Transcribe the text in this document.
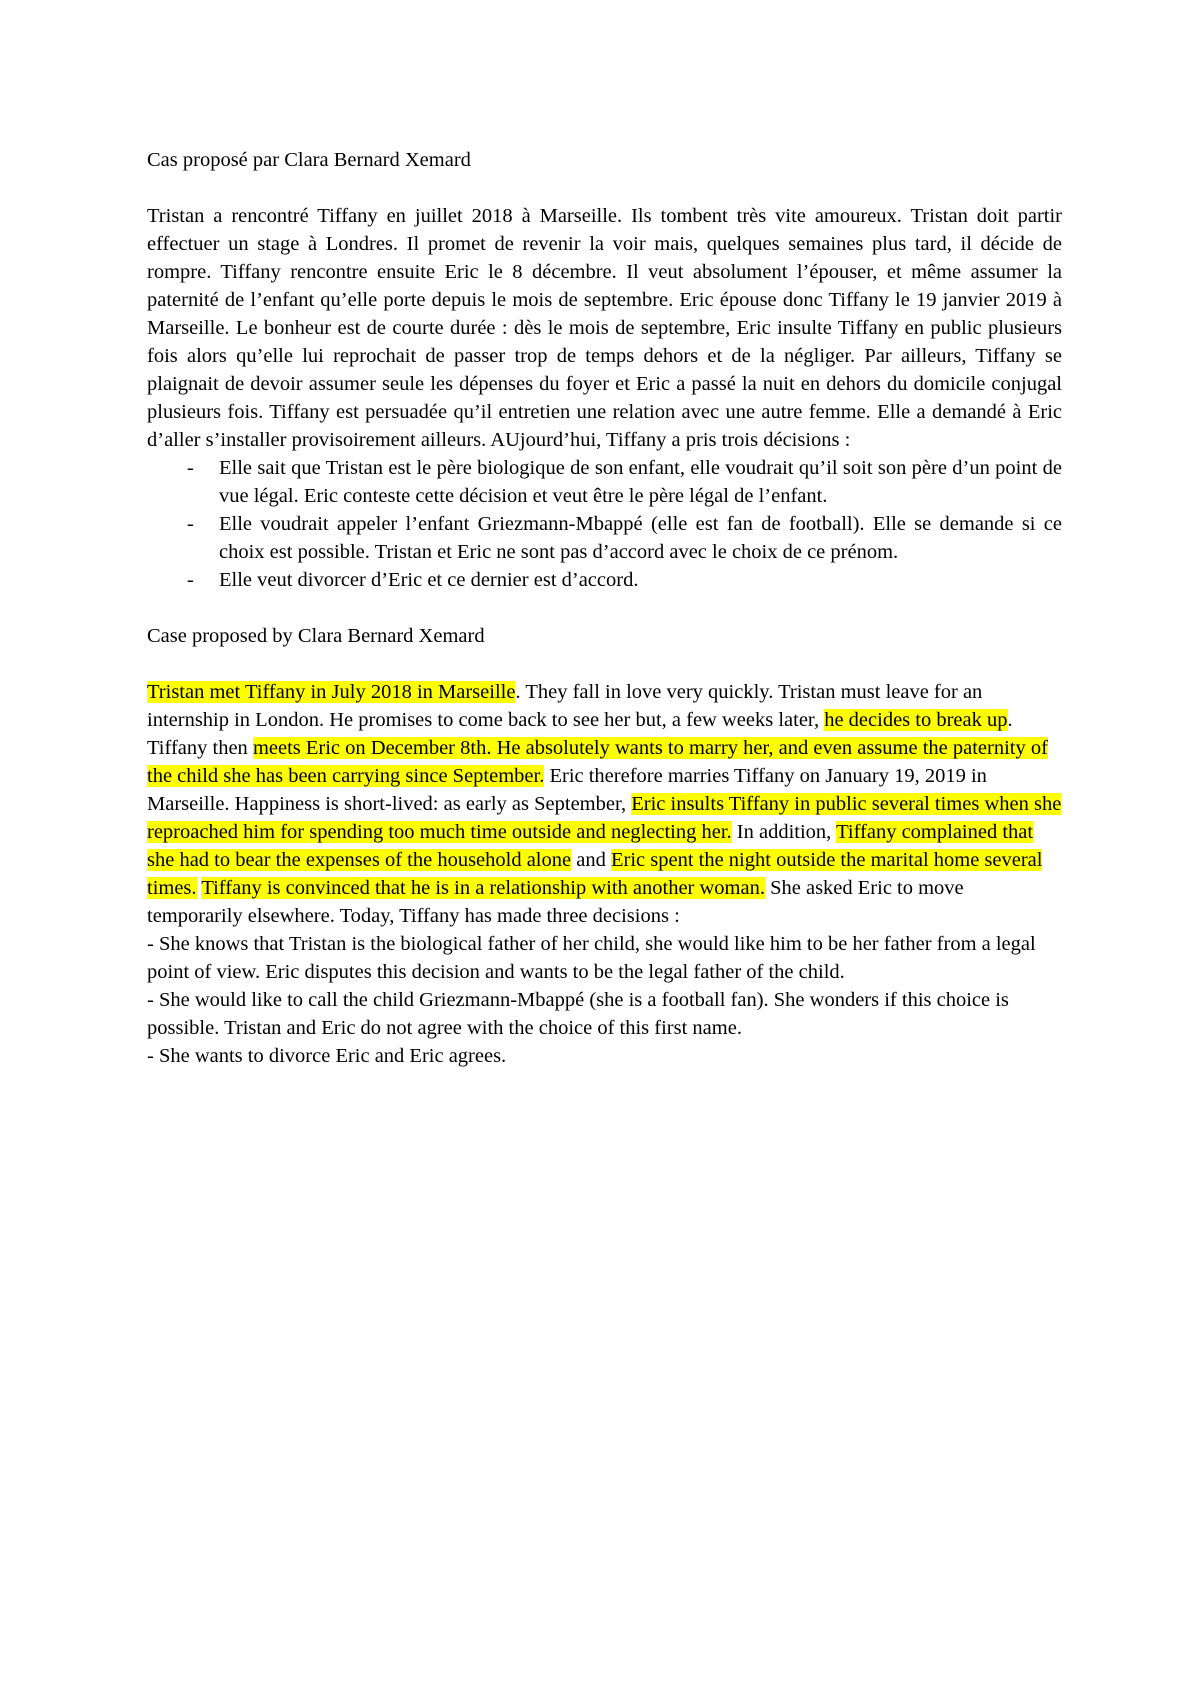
Cas proposé par Clara Bernard Xemard

Tristan a rencontré Tiffany en juillet 2018 à Marseille. Ils tombent très vite amoureux. Tristan doit partir effectuer un stage à Londres. Il promet de revenir la voir mais, quelques semaines plus tard, il décide de rompre. Tiffany rencontre ensuite Eric le 8 décembre. Il veut absolument l’épouser, et même assumer la paternité de l’enfant qu’elle porte depuis le mois de septembre. Eric épouse donc Tiffany le 19 janvier 2019 à Marseille. Le bonheur est de courte durée : dès le mois de septembre, Eric insulte Tiffany en public plusieurs fois alors qu’elle lui reprochait de passer trop de temps dehors et de la négliger. Par ailleurs, Tiffany se plaignait de devoir assumer seule les dépenses du foyer et Eric a passé la nuit en dehors du domicile conjugal plusieurs fois. Tiffany est persuadée qu’il entretien une relation avec une autre femme. Elle a demandé à Eric d’aller s’installer provisoirement ailleurs. AUjourd’hui, Tiffany a pris trois décisions :

- Elle sait que Tristan est le père biologique de son enfant, elle voudrait qu’il soit son père d’un point de vue légal. Eric conteste cette décision et veut être le père légal de l’enfant.
- Elle voudrait appeler l’enfant Griezmann-Mbappé (elle est fan de football). Elle se demande si ce choix est possible. Tristan et Eric ne sont pas d’accord avec le choix de ce prénom.
- Elle veut divorcer d’Eric et ce dernier est d’accord.

Case proposed by Clara Bernard Xemard

Tristan met Tiffany in July 2018 in Marseille. They fall in love very quickly. Tristan must leave for an internship in London. He promises to come back to see her but, a few weeks later, he decides to break up. Tiffany then meets Eric on December 8th. He absolutely wants to marry her, and even assume the paternity of the child she has been carrying since September. Eric therefore marries Tiffany on January 19, 2019 in Marseille. Happiness is short-lived: as early as September, Eric insults Tiffany in public several times when she reproached him for spending too much time outside and neglecting her. In addition, Tiffany complained that she had to bear the expenses of the household alone and Eric spent the night outside the marital home several times. Tiffany is convinced that he is in a relationship with another woman. She asked Eric to move temporarily elsewhere. Today, Tiffany has made three decisions :

- She knows that Tristan is the biological father of her child, she would like him to be her father from a legal point of view. Eric disputes this decision and wants to be the legal father of the child.

- She would like to call the child Griezmann-Mbappé (she is a football fan). She wonders if this choice is possible. Tristan and Eric do not agree with the choice of this first name.

- She wants to divorce Eric and Eric agrees.
